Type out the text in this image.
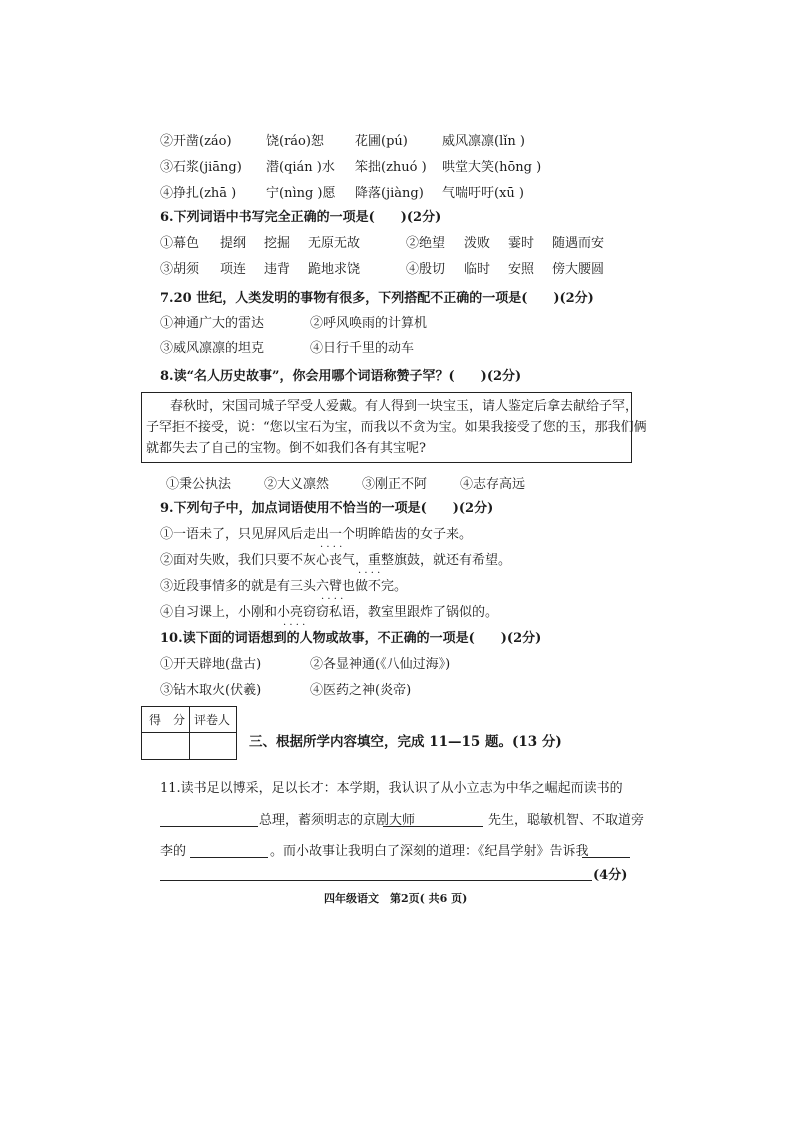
②开凿(záo)	饶(ráo)恕 花圃(pú)	威风凛凛(lǐn )
③石浆(jiāng) 潜(qián )水 笨拙(zhuó ) 哄堂大笑(hōng )
④挣扎(zhā ) 宁(nìng )愿 降落(jiàng) 气喘吁吁(xū )
6.下列词语中书写完全正确的一项是(　　)(2分)
①幕色 提纲 挖掘 无原无故	②绝望 泼败 霎时 随遇而安
③胡须 项连 违背 跪地求饶	④殷切 临时 安照 傍大腰圆
7.20 世纪，人类发明的事物有很多，下列搭配不正确的一项是(　　)(2分)
①神通广大的雷达	②呼风唤雨的计算机
③威风凛凛的坦克	④日行千里的动车
8.读“名人历史故事”，你会用哪个词语称赞子罕？(　　)(2分)
春秋时，宋国司城子罕受人爱戴。有人得到一块宝玉，请人鉴定后拿去献给子罕，
子罕拒不接受，说：“您以宝石为宝，而我以不贪为宝。如果我接受了您的玉，那我们俩
就都失去了自己的宝物。倒不如我们各有其宝呢?
①秉公执法	②大义凛然	③刚正不阿	④志存高远
9.下列句子中，加点词语使用不恰当的一项是(　　)(2分)
①一语未了，只见屏风后走出一个明眸皓齿的女子来。
②面对失败，我们只要不灰心丧气，重整旗鼓，就还有希望。
③近段事情多的就是有三头六臂也做不完。
④自习课上，小刚和小亮窃窃私语，教室里跟炸了锅似的。
· · · ·
· · · ·
· · · ·
· · · ·
10.读下面的词语想到的人物或故事，不正确的一项是(　　)(2分)
①开天辟地(盘古)	②各显神通(《八仙过海》)
③钻木取火(伏羲)	④医药之神(炎帝)
得　分 评卷人
三、根据所学内容填空，完成 11—15 题。(13 分)
11.读书足以博采，足以长才：本学期，我认识了从小立志为中华之崛起而读书的
总理，蓄须明志的京剧大师	先生，聪敏机智、不取道旁
李的	。而小故事让我明白了深刻的道理：《纪昌学射》告诉我
(4分)
四年级语文　第2页( 共6 页)
